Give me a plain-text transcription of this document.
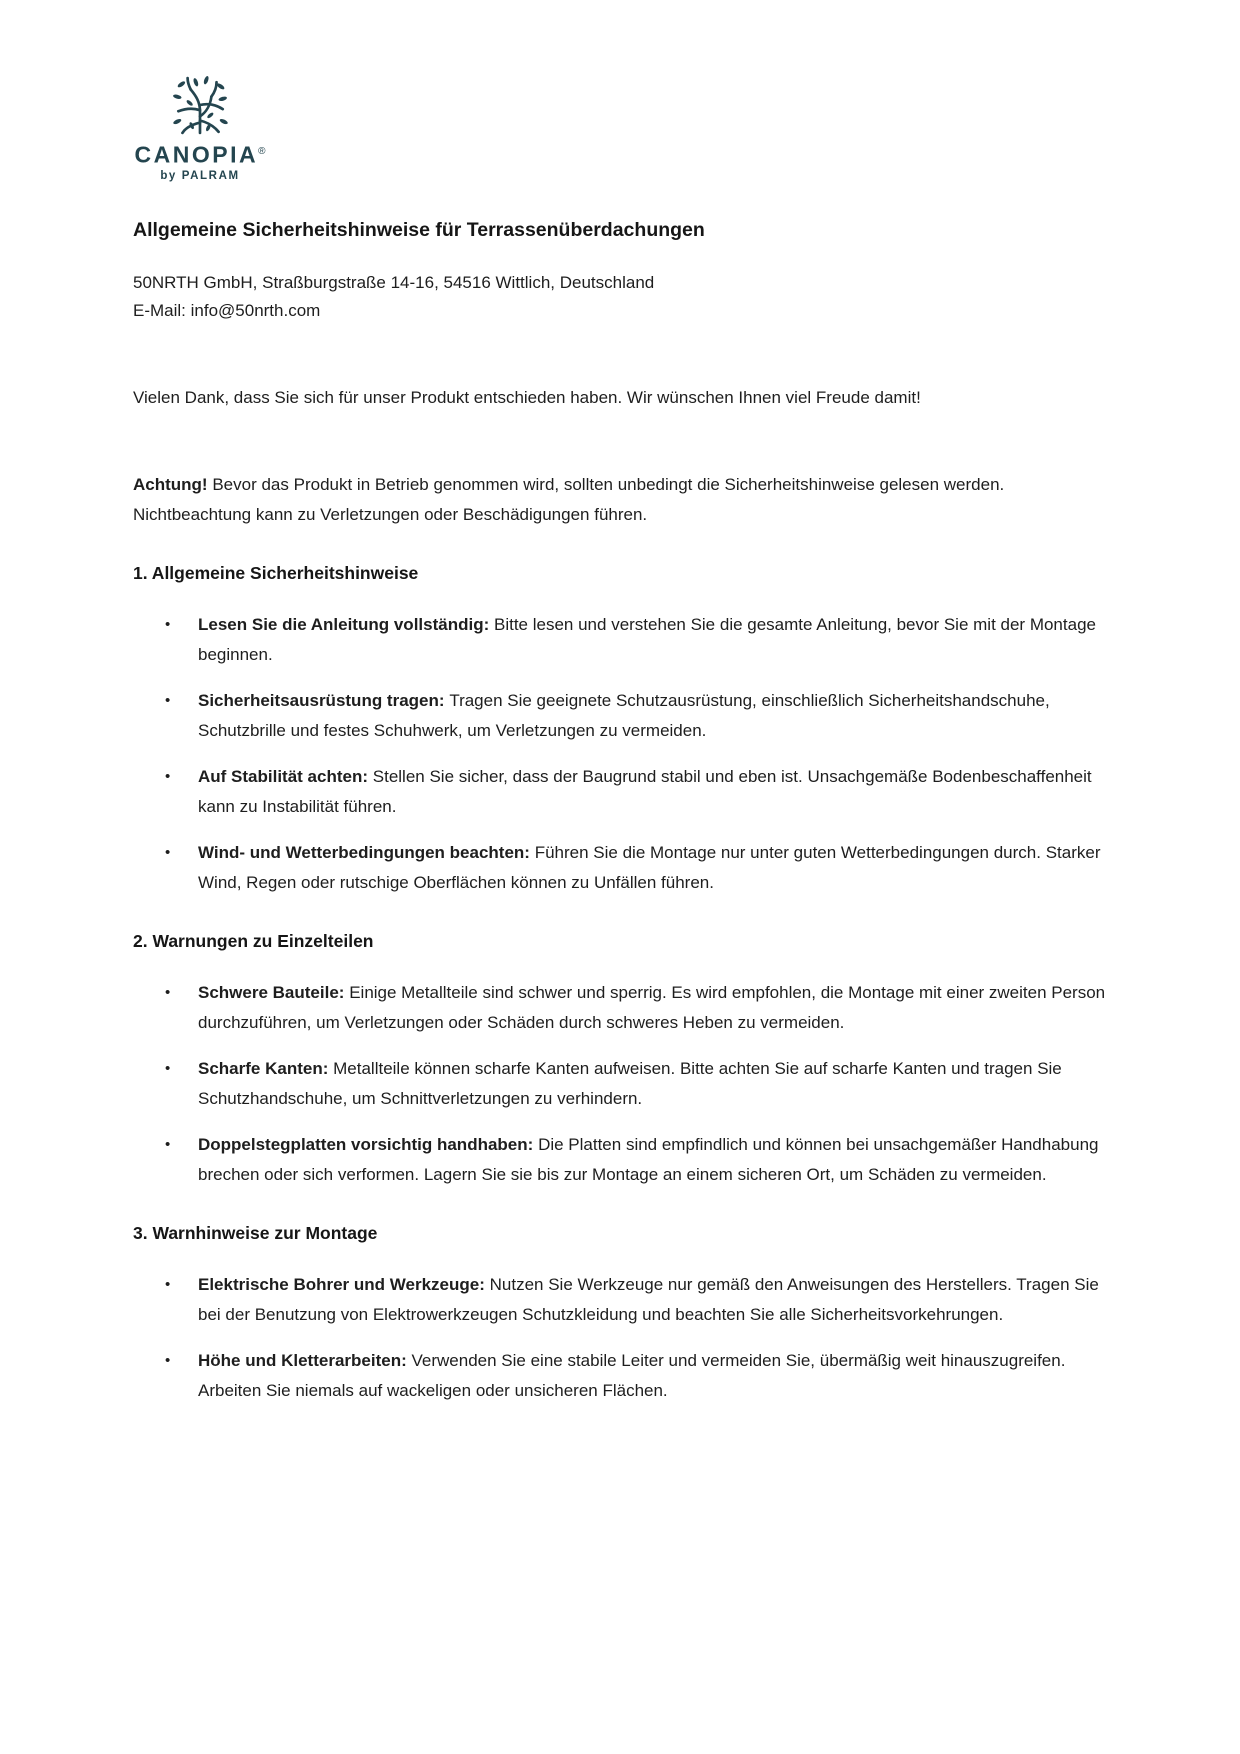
CANOPIA®
by PALRAM
Allgemeine Sicherheitshinweise für Terrassenüberdachungen

50NRTH GmbH, Straßburgstraße 14-16, 54516 Wittlich, Deutschland

E-Mail: info@50nrth.com

Vielen Dank, dass Sie sich für unser Produkt entschieden haben. Wir wünschen Ihnen viel Freude damit!

Achtung! Bevor das Produkt in Betrieb genommen wird, sollten unbedingt die Sicherheitshinweise gelesen werden. Nichtbeachtung kann zu Verletzungen oder Beschädigungen führen.

1. Allgemeine Sicherheitshinweise
•	Lesen Sie die Anleitung vollständig: Bitte lesen und verstehen Sie die gesamte Anleitung, bevor Sie mit der Montage beginnen.
•	Sicherheitsausrüstung tragen: Tragen Sie geeignete Schutzausrüstung, einschließlich Sicherheitshandschuhe, Schutzbrille und festes Schuhwerk, um Verletzungen zu vermeiden.
•	Auf Stabilität achten: Stellen Sie sicher, dass der Baugrund stabil und eben ist. Unsachgemäße Bodenbeschaffenheit kann zu Instabilität führen.
•	Wind- und Wetterbedingungen beachten: Führen Sie die Montage nur unter guten Wetterbedingungen durch. Starker Wind, Regen oder rutschige Oberflächen können zu Unfällen führen.
2. Warnungen zu Einzelteilen
•	Schwere Bauteile: Einige Metallteile sind schwer und sperrig. Es wird empfohlen, die Montage mit einer zweiten Person durchzuführen, um Verletzungen oder Schäden durch schweres Heben zu vermeiden.
•	Scharfe Kanten: Metallteile können scharfe Kanten aufweisen. Bitte achten Sie auf scharfe Kanten und tragen Sie Schutzhandschuhe, um Schnittverletzungen zu verhindern.
•	Doppelstegplatten vorsichtig handhaben: Die Platten sind empfindlich und können bei unsachgemäßer Handhabung brechen oder sich verformen. Lagern Sie sie bis zur Montage an einem sicheren Ort, um Schäden zu vermeiden.
3. Warnhinweise zur Montage
•	Elektrische Bohrer und Werkzeuge: Nutzen Sie Werkzeuge nur gemäß den Anweisungen des Herstellers. Tragen Sie bei der Benutzung von Elektrowerkzeugen Schutzkleidung und beachten Sie alle Sicherheitsvorkehrungen.
•	Höhe und Kletterarbeiten: Verwenden Sie eine stabile Leiter und vermeiden Sie, übermäßig weit hinauszugreifen. Arbeiten Sie niemals auf wackeligen oder unsicheren Flächen.
